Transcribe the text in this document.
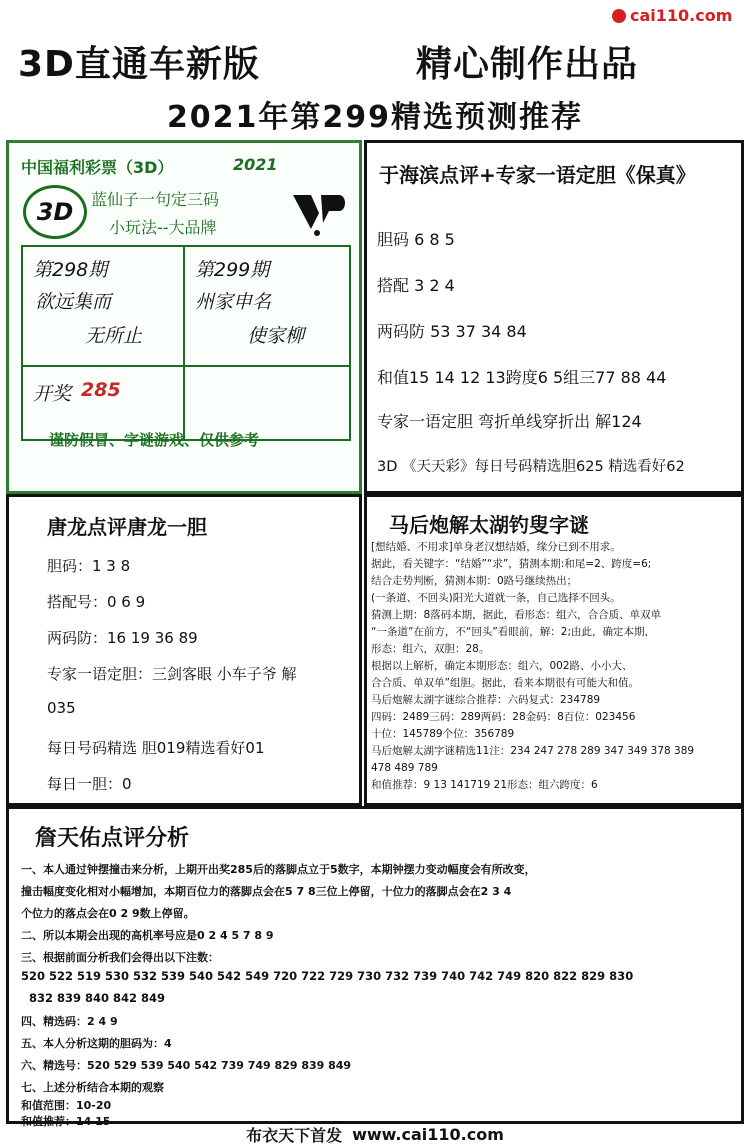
cai110.com
3D直通车新版	精心制作出品
2021年第299精选预测推荐
中国福利彩票（3D）	2021
3D 蓝仙子一句定三码
小玩法--大品牌
第298期
欲远集而
无所止
第299期
州家申名
使家柳
开奖 285
谨防假冒、字谜游戏、仅供参考
于海滨点评+专家一语定胆《保真》
胆码 6 8 5
搭配 3 2 4
两码防 53 37 34 84
和值15 14 12 13跨度6 5组三77 88 44
专家一语定胆 弯折单线穿折出 解124
3D 《天天彩》每日号码精选胆625 精选看好62
唐龙点评唐龙一胆
胆码：1 3 8
搭配号：0 6 9
两码防：16 19 36 89
专家一语定胆：三剑客眼 小车子爷 解
035
每日号码精选 胆019精选看好01
每日一胆：0
马后炮解太湖钓叟字谜
[想结婚、不用求]单身老汉想结婚，缘分已到不用求。
据此，看关键字：“结婚”“求”，猜测本期:和尾=2、跨度=6;
结合走势判断，猜测本期：0路号继续热出；
(一条道、不回头)阳光大道就一条，自己选择不回头。
猜测上期：8落码本期，据此，看形态：组六，合合质、单双单
“一条道”在前方，不“回头”看眼前，解：2;由此，确定本期，
形态：组六，双胆：28。
根据以上解析，确定本期形态：组六，002路、小小大、
合合质、单双单”组胆。据此，看来本期很有可能大和值。
马后炮解太湖字谜综合推荐：六码复式：234789
四码：2489三码：289两码：28金码：8百位：023456
十位：145789个位：356789
马后炮解太湖字谜精选11注：234 247 278 289 347 349 378 389
478 489 789
和值推荐：9 13 141719 21形态：组六跨度：6
詹天佑点评分析
一、本人通过钟摆撞击来分析，上期开出奖285后的落脚点立于5数字，本期钟摆力变动幅度会有所改变，
撞击幅度变化相对小幅增加，本期百位力的落脚点会在5 7 8三位上停留，十位力的落脚点会在2 3 4
个位力的落点会在0 2 9数上停留。
二、所以本期会出现的高机率号应是0 2 4 5 7 8 9
三、根据前面分析我们会得出以下注数：
520 522 519 530 532 539 540 542 549 720 722 729 730 732 739 740 742 749 820 822 829 830
832 839 840 842 849
四、精选码：2 4 9
五、本人分析这期的胆码为：4
六、精选号：520 529 539 540 542 739 749 829 839 849
七、上述分析结合本期的观察
和值范围：10-20
和值推荐：14 15
布衣天下首发 www.cai110.com
